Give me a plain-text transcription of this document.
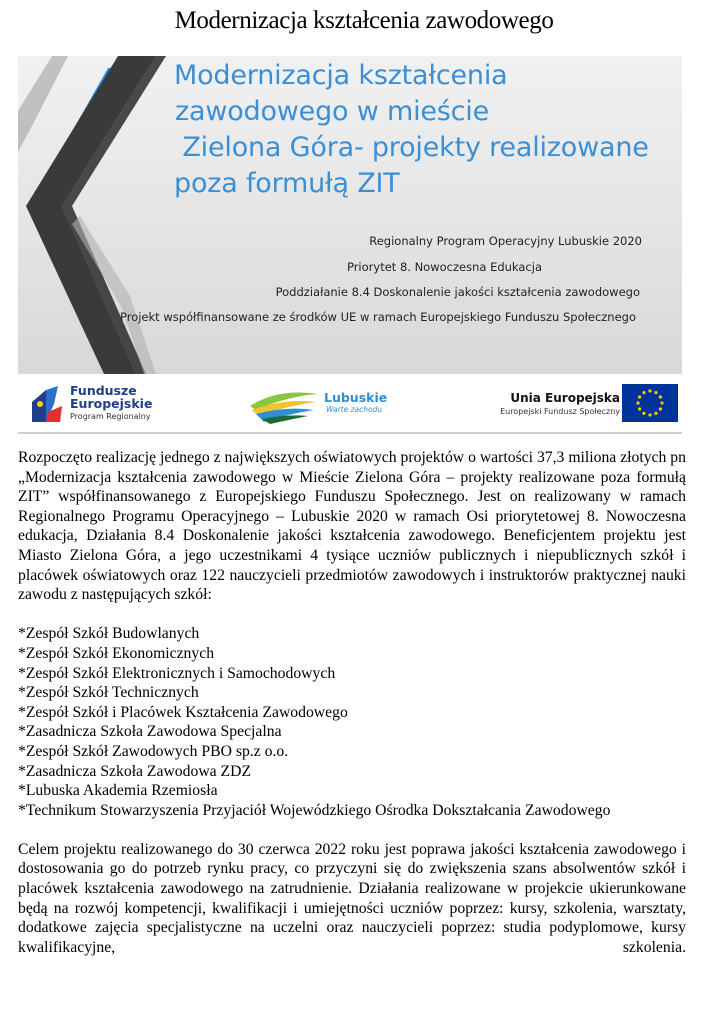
Modernizacja kształcenia zawodowego
Modernizacja kształcenia
zawodowego w mieście
Zielona Góra- projekty realizowane
poza formułą ZIT
Regionalny Program Operacyjny Lubuskie 2020
Priorytet 8. Nowoczesna Edukacja
Poddziałanie 8.4 Doskonalenie jakości kształcenia zawodowego
Projekt współfinansowane ze środków UE w ramach Europejskiego Funduszu Społecznego
Fundusze
Europejskie
Program Regionalny
Lubuskie
Warte zachodu
Unia Europejska
Europejski Fundusz Społeczny

Rozpoczęto realizację jednego z największych oświatowych projektów o wartości 37,3 miliona złotych pn „Modernizacja kształcenia zawodowego w Mieście Zielona Góra – projekty realizowane poza formułą ZIT” współfinansowanego z Europejskiego Funduszu Społecznego. Jest on realizowany w ramach Regionalnego Programu Operacyjnego – Lubuskie 2020 w ramach Osi priorytetowej 8. Nowoczesna edukacja, Działania 8.4 Doskonalenie jakości kształcenia zawodowego. Beneficjentem projektu jest Miasto Zielona Góra, a jego uczestnikami 4 tysiące uczniów publicznych i niepublicznych szkół i placówek oświatowych oraz 122 nauczycieli przedmiotów zawodowych i instruktorów praktycznej nauki zawodu z następujących szkół:

*Zespół Szkół Budowlanych
*Zespół Szkół Ekonomicznych
*Zespół Szkół Elektronicznych i Samochodowych
*Zespół Szkół Technicznych
*Zespół Szkół i Placówek Kształcenia Zawodowego
*Zasadnicza Szkoła Zawodowa Specjalna
*Zespół Szkół Zawodowych PBO sp.z o.o.
*Zasadnicza Szkoła Zawodowa ZDZ
*Lubuska Akademia Rzemiosła
*Technikum Stowarzyszenia Przyjaciół Wojewódzkiego Ośrodka Dokształcania Zawodowego

Celem projektu realizowanego do 30 czerwca 2022 roku jest poprawa jakości kształcenia zawodowego i dostosowania go do potrzeb rynku pracy, co przyczyni się do zwiększenia szans absolwentów szkół i placówek kształcenia zawodowego na zatrudnienie. Działania realizowane w projekcie ukierunkowane będą na rozwój kompetencji, kwalifikacji i umiejętności uczniów poprzez: kursy, szkolenia, warsztaty, dodatkowe zajęcia specjalistyczne na uczelni oraz nauczycieli poprzez: studia podyplomowe, kursy kwalifikacyjne, szkolenia.
